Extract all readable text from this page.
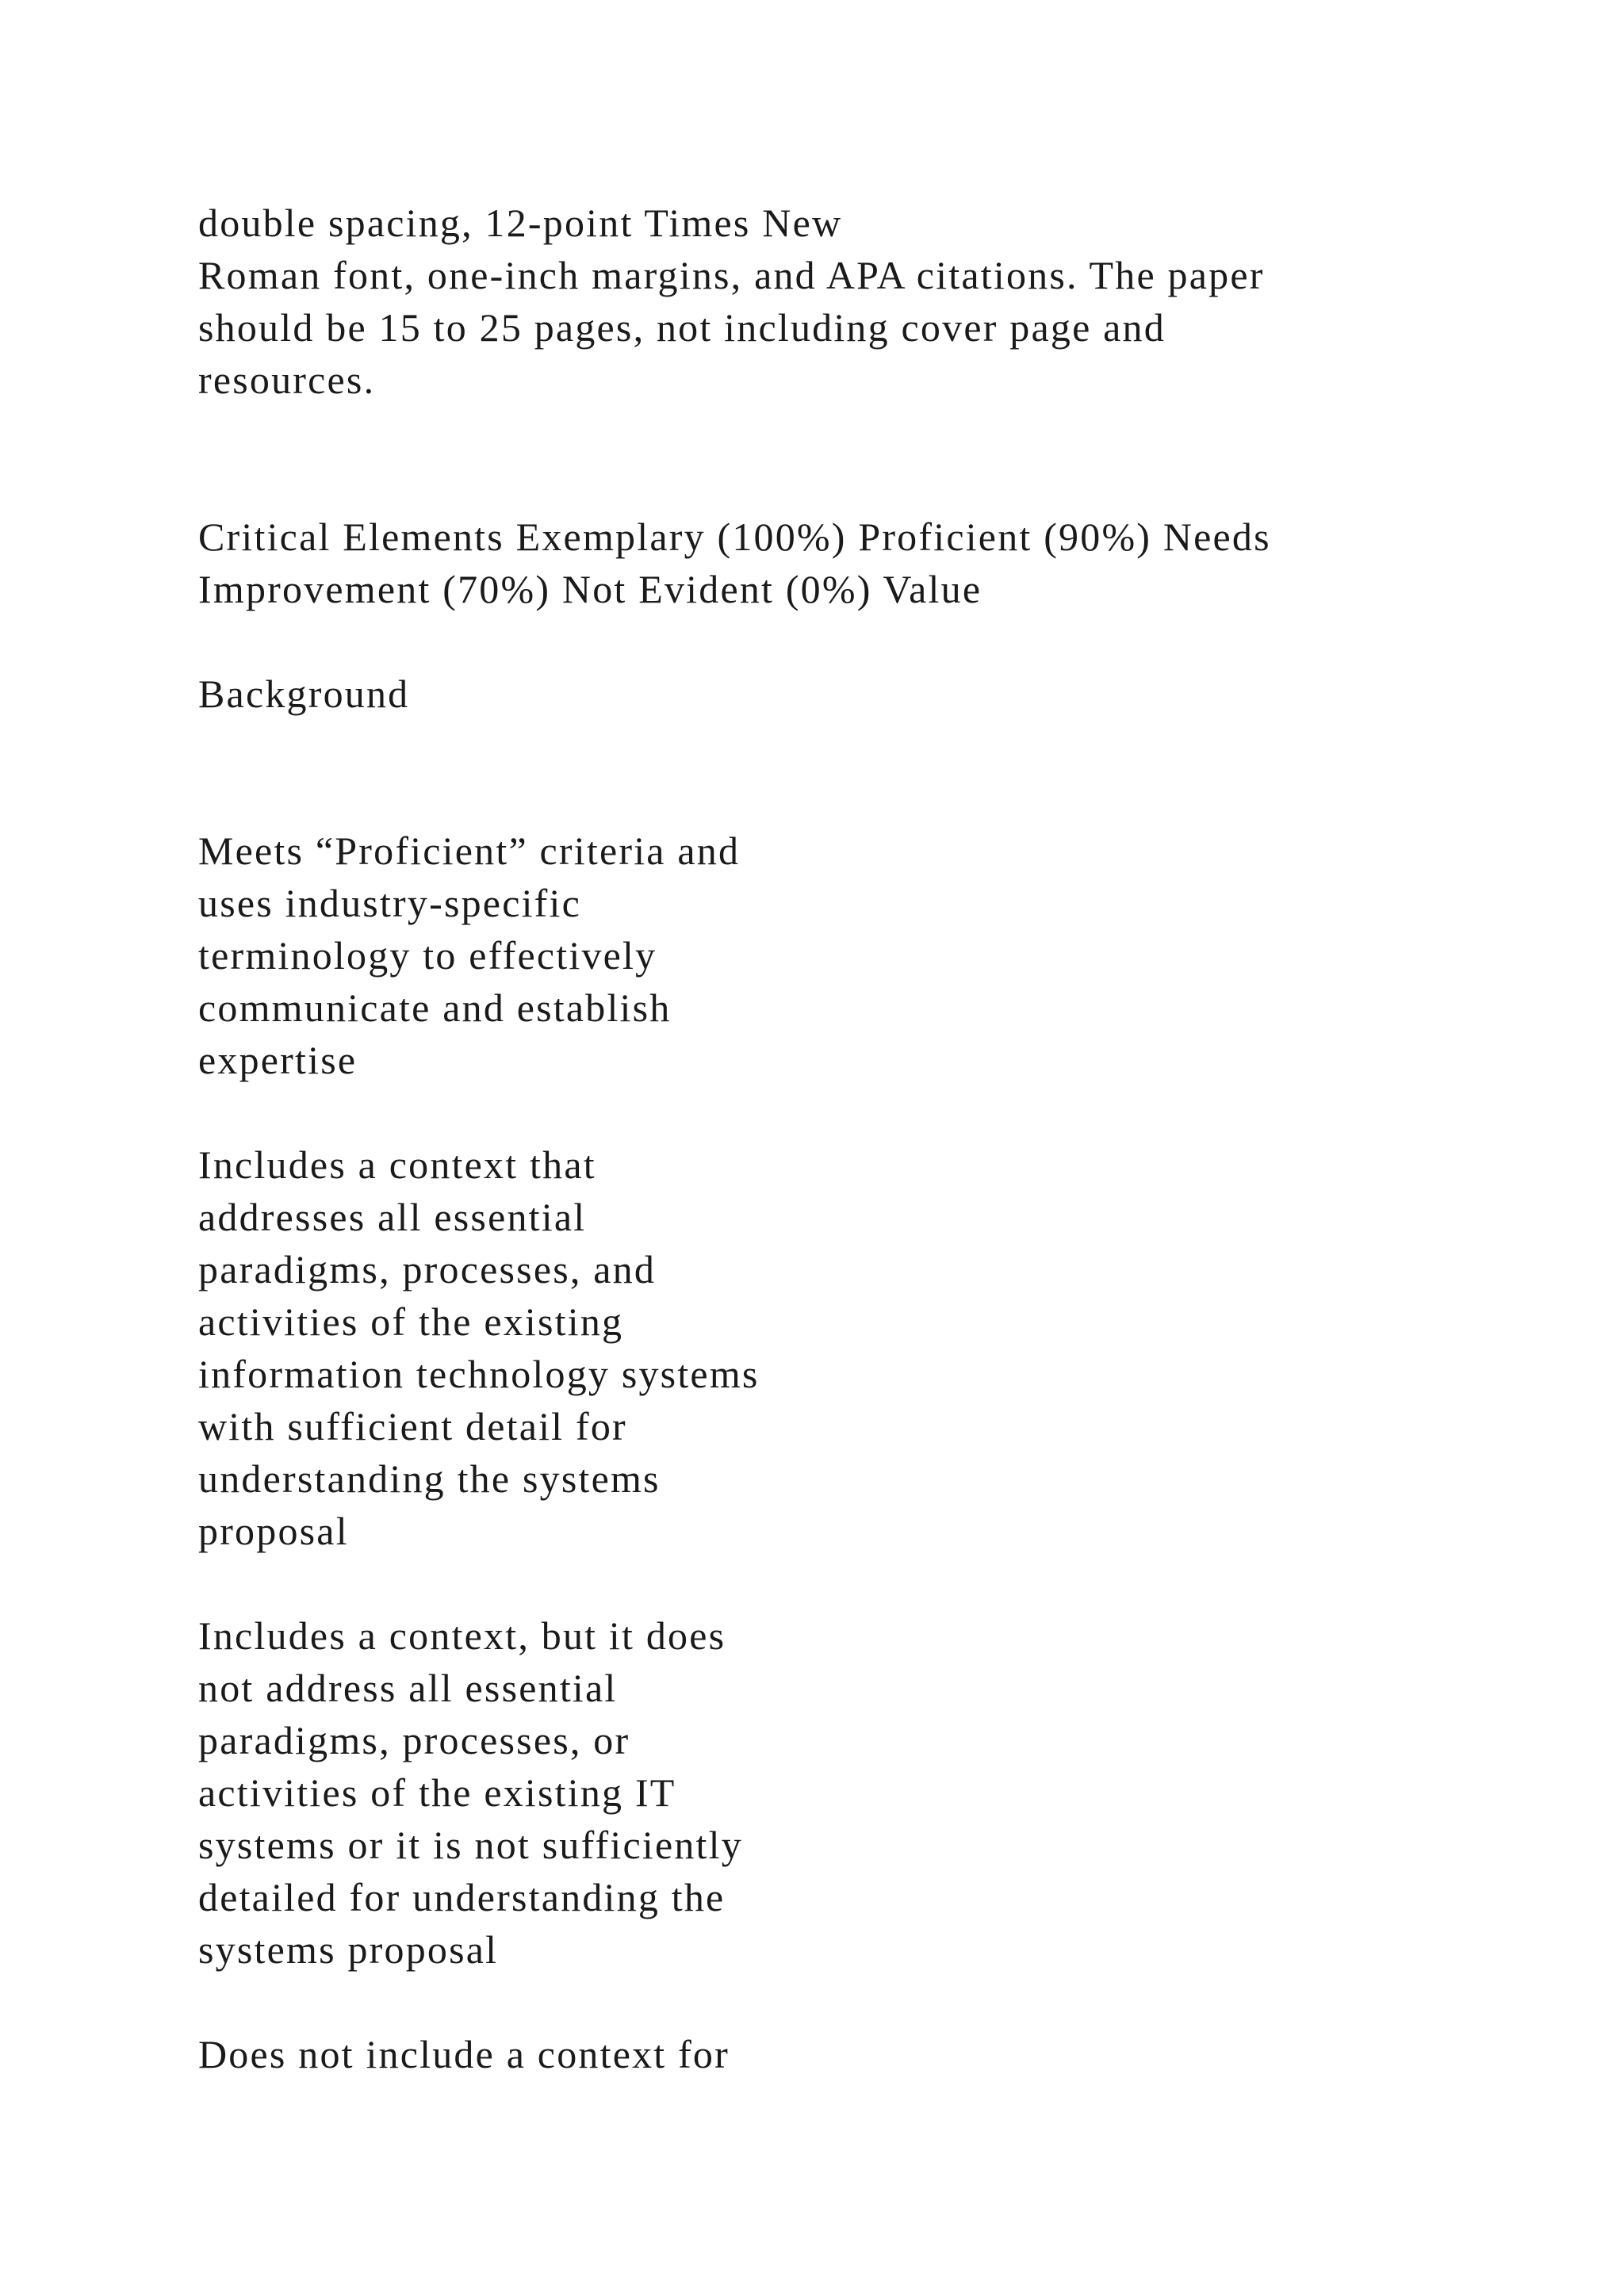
double spacing, 12-point Times New
Roman font, one-inch margins, and APA citations. The paper
should be 15 to 25 pages, not including cover page and
resources.

Critical Elements Exemplary (100%) Proficient (90%) Needs
Improvement (70%) Not Evident (0%) Value

Background

Meets “Proficient” criteria and
uses industry-specific
terminology to effectively
communicate and establish
expertise

Includes a context that
addresses all essential
paradigms, processes, and
activities of the existing
information technology systems
with sufficient detail for
understanding the systems
proposal

Includes a context, but it does
not address all essential
paradigms, processes, or
activities of the existing IT
systems or it is not sufficiently
detailed for understanding the
systems proposal

Does not include a context for
